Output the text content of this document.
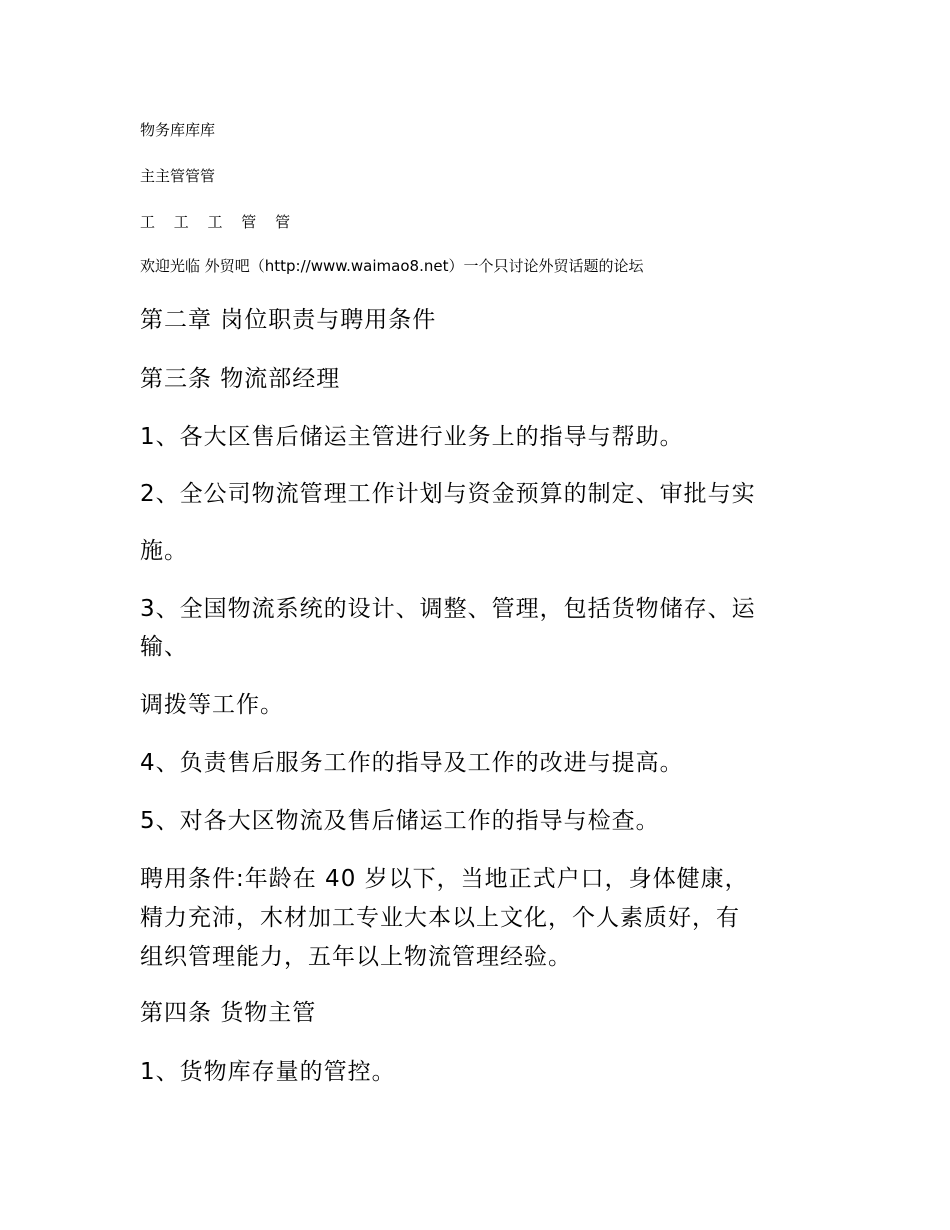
物务库库库

主主管管管

工 工 工 管 管

欢迎光临 外贸吧（http://www.waimao8.net）一个只讨论外贸话题的论坛

第二章 岗位职责与聘用条件

第三条 物流部经理

1、各大区售后储运主管进行业务上的指导与帮助。

2、全公司物流管理工作计划与资金预算的制定、审批与实

施。

3、全国物流系统的设计、调整、管理，包括货物储存、运

输、

调拨等工作。

4、负责售后服务工作的指导及工作的改进与提高。

5、对各大区物流及售后储运工作的指导与检查。

聘用条件:年龄在 40 岁以下，当地正式户口，身体健康，

精力充沛，木材加工专业大本以上文化，个人素质好，有

组织管理能力，五年以上物流管理经验。

第四条 货物主管

1、货物库存量的管控。
